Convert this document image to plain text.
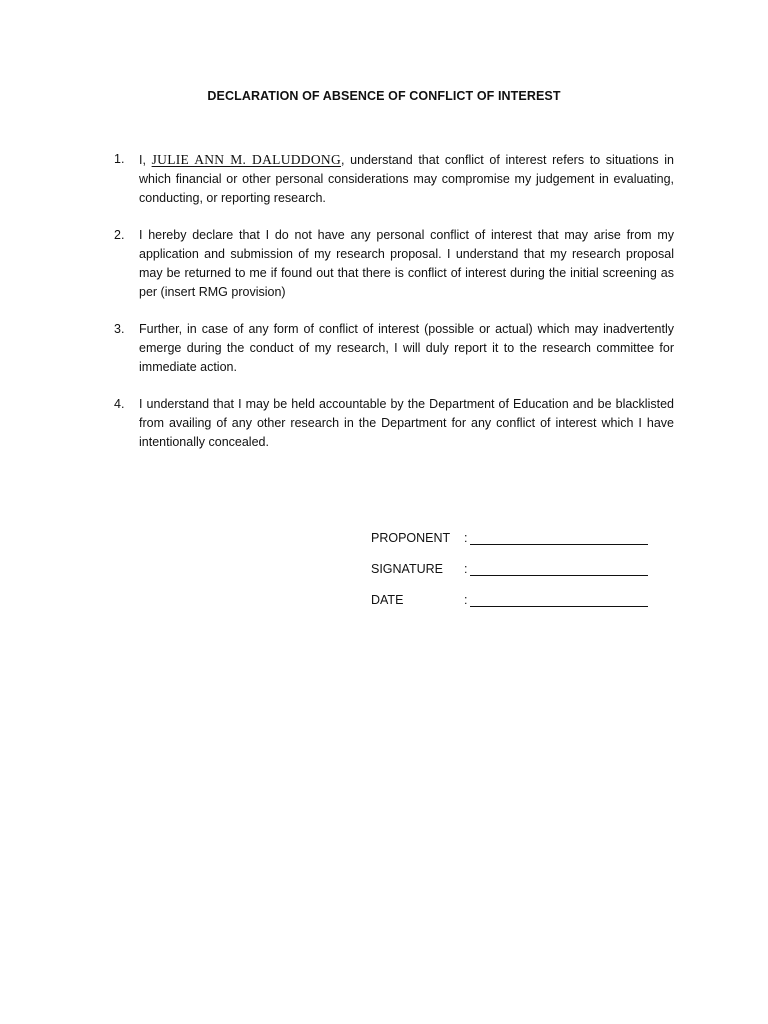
DECLARATION OF ABSENCE OF CONFLICT OF INTEREST
1.	I, JULIE ANN M. DALUDDONG, understand that conflict of interest refers to situations in which financial or other personal considerations may compromise my judgement in evaluating, conducting, or reporting research.
2.	I hereby declare that I do not have any personal conflict of interest that may arise from my application and submission of my research proposal. I understand that my research proposal may be returned to me if found out that there is conflict of interest during the initial screening as per (insert RMG provision)
3.	Further, in case of any form of conflict of interest (possible or actual) which may inadvertently emerge during the conduct of my research, I will duly report it to the research committee for immediate action.
4.	I understand that I may be held accountable by the Department of Education and be blacklisted from availing of any other research in the Department for any conflict of interest which I have intentionally concealed.
PROPONENT	:
SIGNATURE	:
DATE	:
